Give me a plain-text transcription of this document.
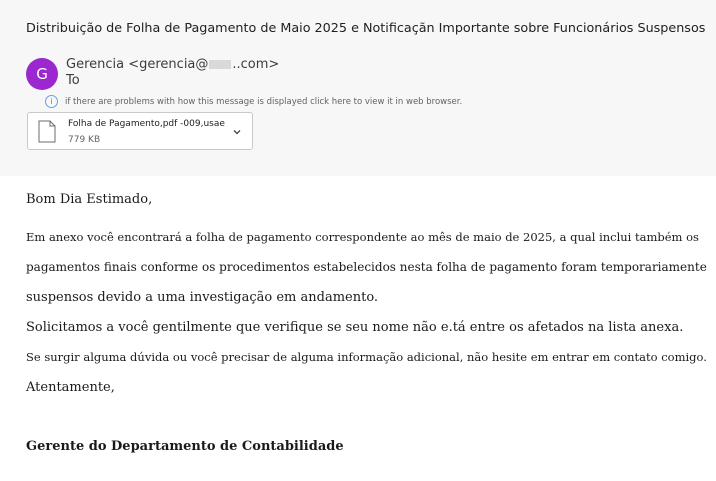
Distribuição de Folha de Pagamento de Maio 2025 e Notificaçãn Importante sobre Funcionários Suspensos
G
Gerencia <gerencia@ ..com>
To
i	if there are problems with how this message is displayed click here to view it in web browser.
Folha de Pagamento,pdf -009,usae
779 KB
Bom Dia Estimado,
Em anexo você encontrará a folha de pagamento correspondente ao mês de maio de 2025, a qual inclui também os
pagamentos finais conforme os procedimentos estabelecidos nesta folha de pagamento foram temporariamente
suspensos devido a uma investigação em andamento.
Solicitamos a você gentilmente que verifique se seu nome não e.tá entre os afetados na lista anexa.
Se surgir alguma dúvida ou você precisar de alguma informação adicional, não hesite em entrar em contato comigo.
Atentamente,
Gerente do Departamento de Contabilidade
